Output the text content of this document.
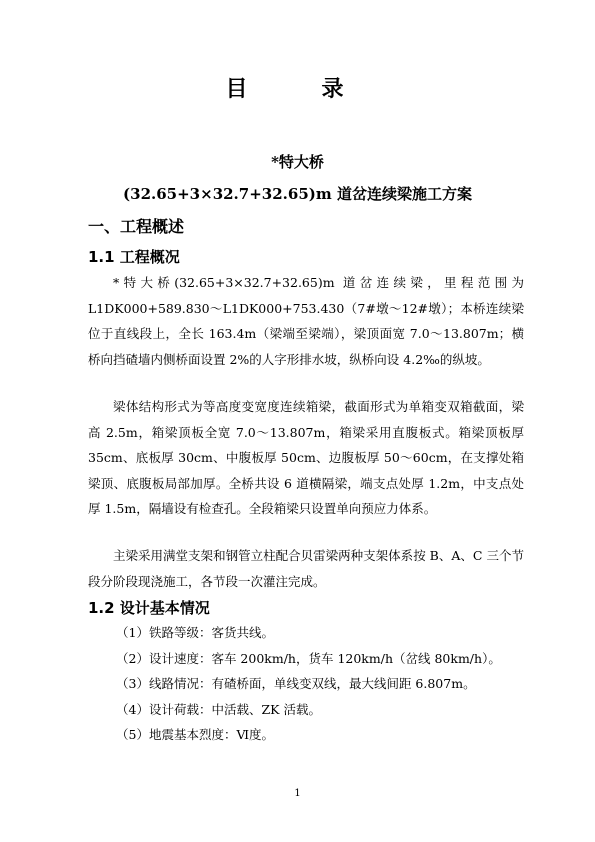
目　录
*特大桥
(32.65+3×32.7+32.65)m 道岔连续梁施工方案
一、工程概述
1.1 工程概况

*特大桥(32.65+3×32.7+32.65)m 道岔连续梁，里程范围为 L1DK000+589.830～L1DK000+753.430（7#墩～12#墩）；本桥连续梁位于直线段上，全长 163.4m（梁端至梁端），梁顶面宽 7.0～13.807m；横桥向挡碴墙内侧桥面设置 2%的人字形排水坡，纵桥向设 4.2‰的纵坡。

梁体结构形式为等高度变宽度连续箱梁，截面形式为单箱变双箱截面，梁高 2.5m，箱梁顶板全宽 7.0～13.807m，箱梁采用直腹板式。箱梁顶板厚 35cm、底板厚 30cm、中腹板厚 50cm、边腹板厚 50～60cm，在支撑处箱梁顶、底腹板局部加厚。全桥共设 6 道横隔梁，端支点处厚 1.2m，中支点处厚 1.5m，隔墙设有检查孔。全段箱梁只设置单向预应力体系。

主梁采用满堂支架和钢管立柱配合贝雷梁两种支架体系按 B、A、C 三个节段分阶段现浇施工，各节段一次灌注完成。

1.2 设计基本情况
（1）铁路等级：客货共线。
（2）设计速度：客车 200km/h，货车 120km/h（岔线 80km/h）。
（3）线路情况：有碴桥面，单线变双线，最大线间距 6.807m。
（4）设计荷载：中活载、ZK 活载。
（5）地震基本烈度：Ⅵ度。
1
